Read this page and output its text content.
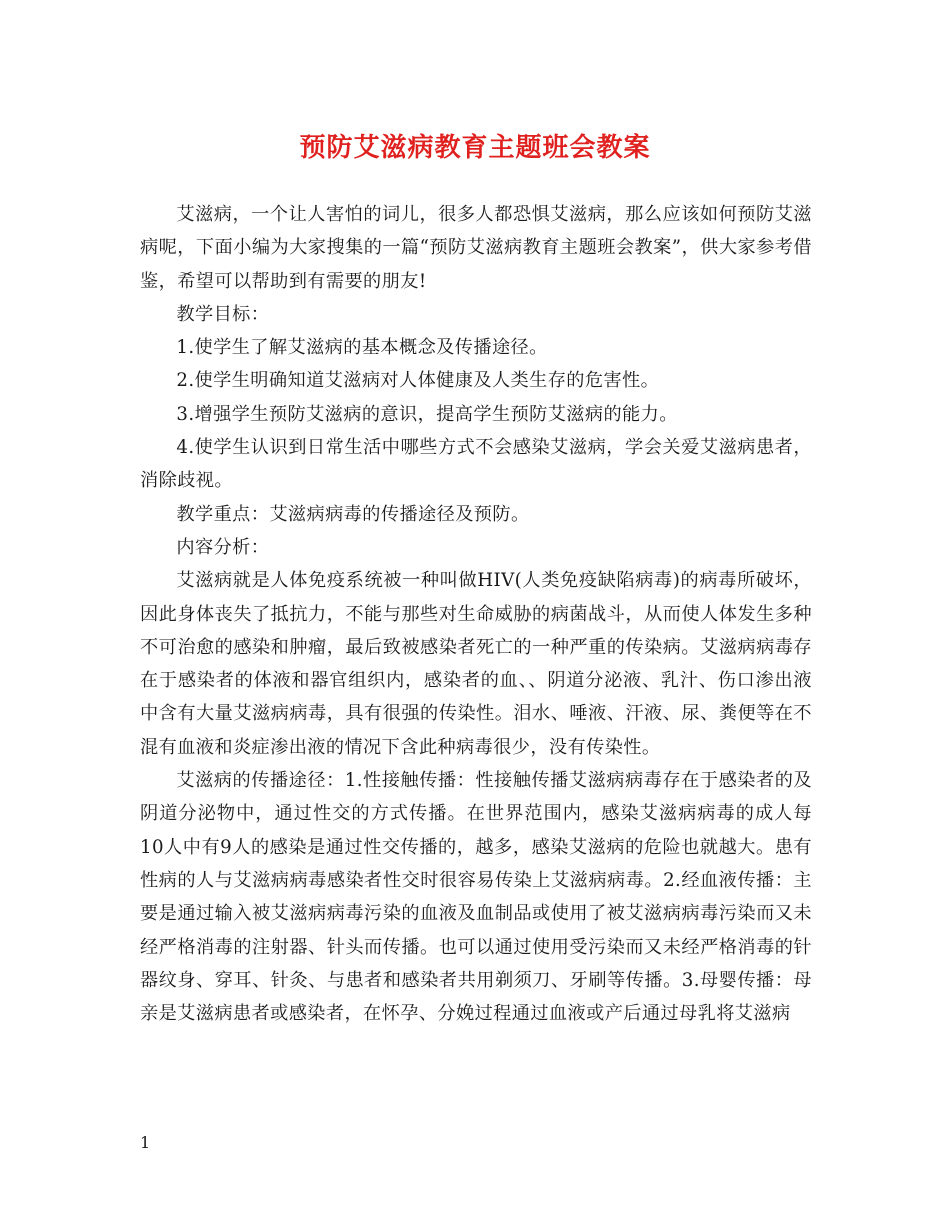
预防艾滋病教育主题班会教案

艾滋病，一个让人害怕的词儿，很多人都恐惧艾滋病，那么应该如何预防艾滋病呢，下面小编为大家搜集的一篇“预防艾滋病教育主题班会教案”，供大家参考借鉴，希望可以帮助到有需要的朋友!

教学目标：

1.使学生了解艾滋病的基本概念及传播途径。

2.使学生明确知道艾滋病对人体健康及人类生存的危害性。

3.增强学生预防艾滋病的意识，提高学生预防艾滋病的能力。

4.使学生认识到日常生活中哪些方式不会感染艾滋病，学会关爱艾滋病患者，消除歧视。

教学重点：艾滋病病毒的传播途径及预防。

内容分析：

艾滋病就是人体免疫系统被一种叫做HIV(人类免疫缺陷病毒)的病毒所破坏，因此身体丧失了抵抗力，不能与那些对生命威胁的病菌战斗，从而使人体发生多种不可治愈的感染和肿瘤，最后致被感染者死亡的一种严重的传染病。艾滋病病毒存在于感染者的体液和器官组织内，感染者的血、、阴道分泌液、乳汁、伤口渗出液中含有大量艾滋病病毒，具有很强的传染性。泪水、唾液、汗液、尿、粪便等在不混有血液和炎症渗出液的情况下含此种病毒很少，没有传染性。

艾滋病的传播途径：1.性接触传播：性接触传播艾滋病病毒存在于感染者的及阴道分泌物中，通过性交的方式传播。在世界范围内，感染艾滋病病毒的成人每10人中有9人的感染是通过性交传播的，越多，感染艾滋病的危险也就越大。患有性病的人与艾滋病病毒感染者性交时很容易传染上艾滋病病毒。2.经血液传播：主要是通过输入被艾滋病病毒污染的血液及血制品或使用了被艾滋病病毒污染而又未经严格消毒的注射器、针头而传播。也可以通过使用受污染而又未经严格消毒的针器纹身、穿耳、针灸、与患者和感染者共用剃须刀、牙刷等传播。3.母婴传播：母亲是艾滋病患者或感染者，在怀孕、分娩过程通过血液或产后通过母乳将艾滋病

1
